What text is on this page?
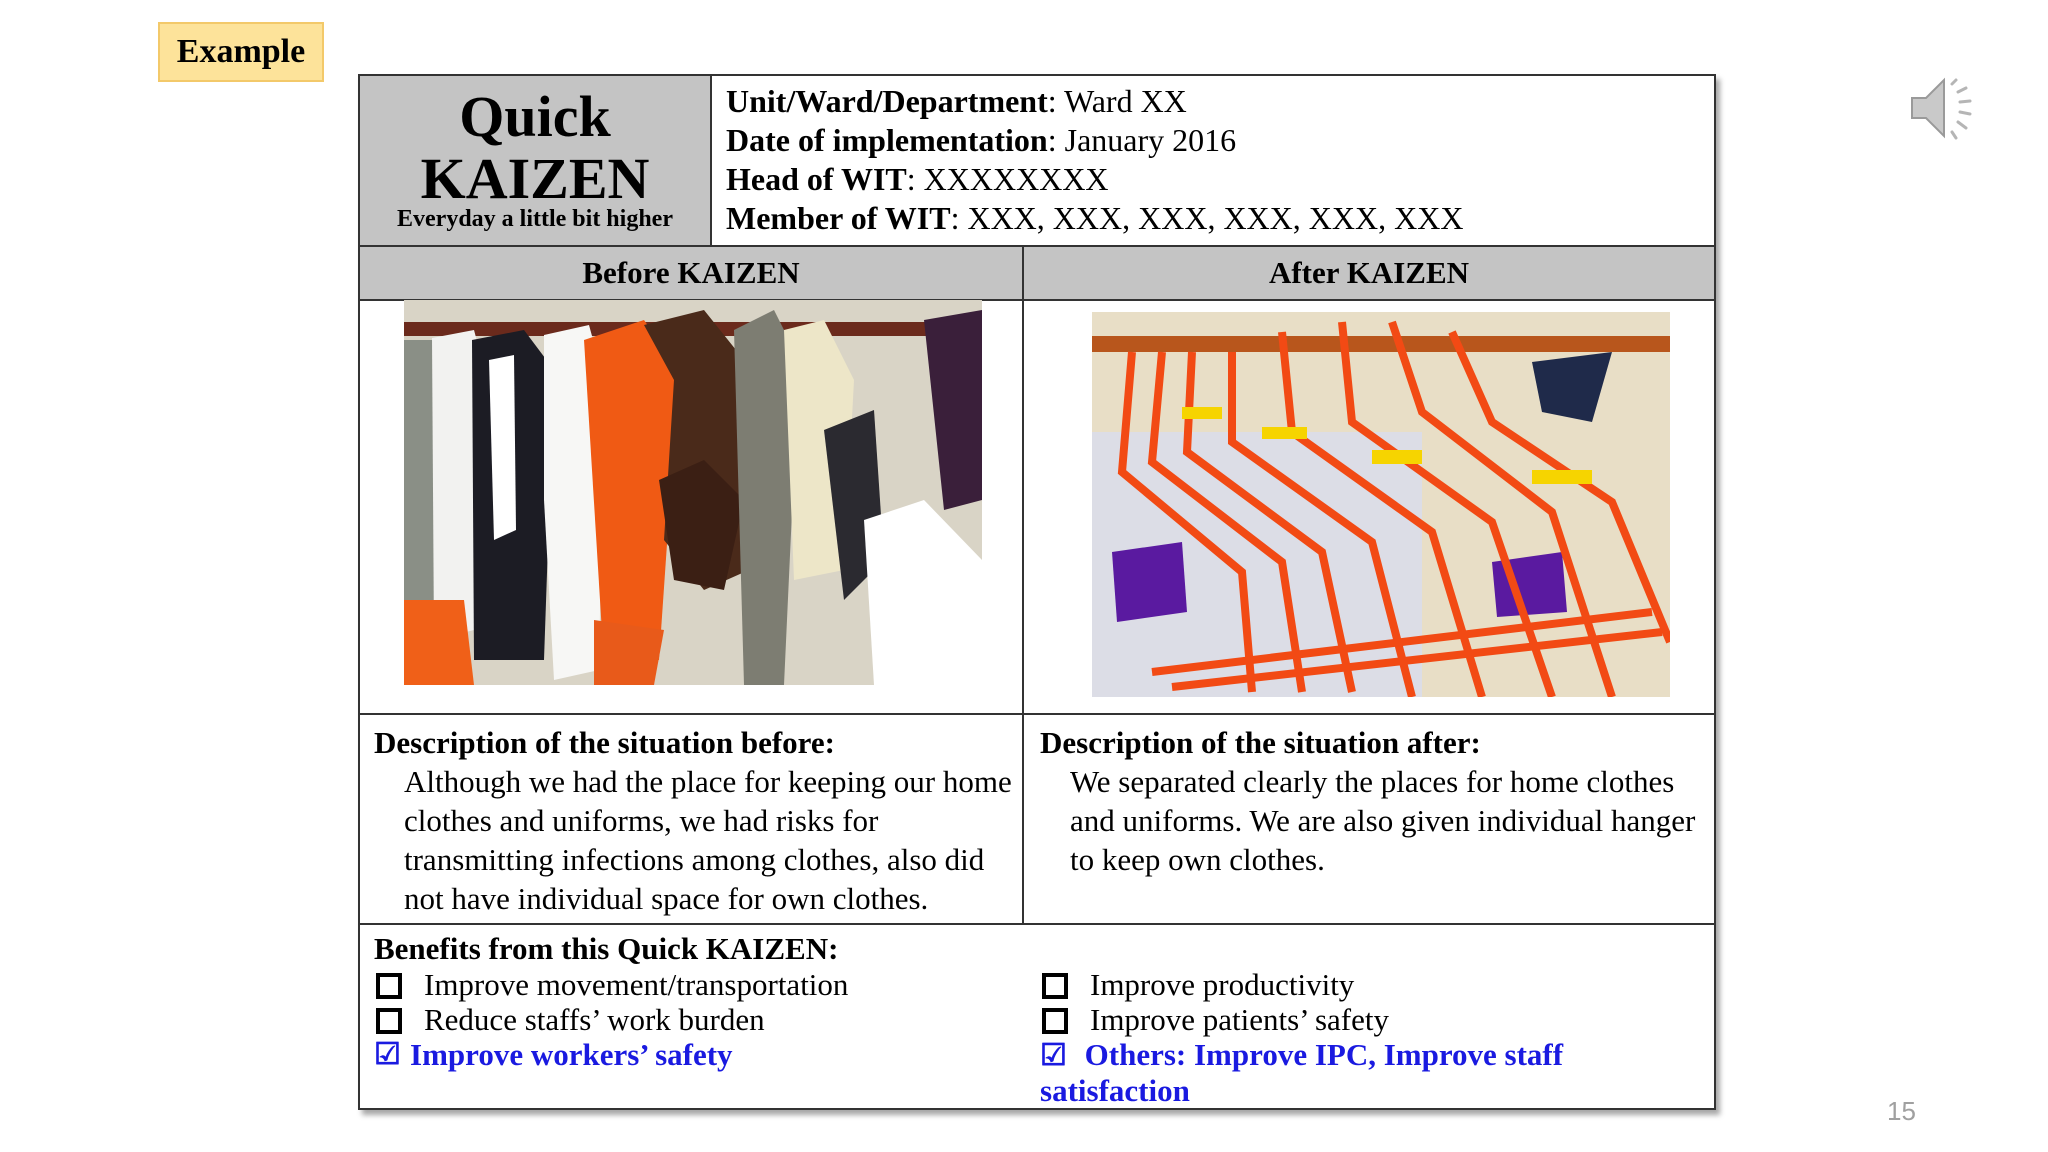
Example
Quick
KAIZEN
Everyday a little bit higher
Unit/Ward/Department: Ward XX
Date of implementation: January 2016
Head of WIT: XXXXXXXX
Member of WIT: XXX, XXX, XXX, XXX, XXX, XXX
Before KAIZEN	After KAIZEN
Description of the situation before:

Although we had the place for keeping our home clothes and uniforms, we had risks for transmitting infections among clothes, also did not have individual space for own clothes.

Description of the situation after:

We separated clearly the places for home clothes and uniforms. We are also given individual hanger to keep own clothes.

Benefits from this Quick KAIZEN:
Improve movement/transportation
Reduce staffs’ work burden
☑ Improve workers’ safety
Improve productivity
Improve patients’ safety
☑ Others: Improve IPC, Improve staff satisfaction
15
